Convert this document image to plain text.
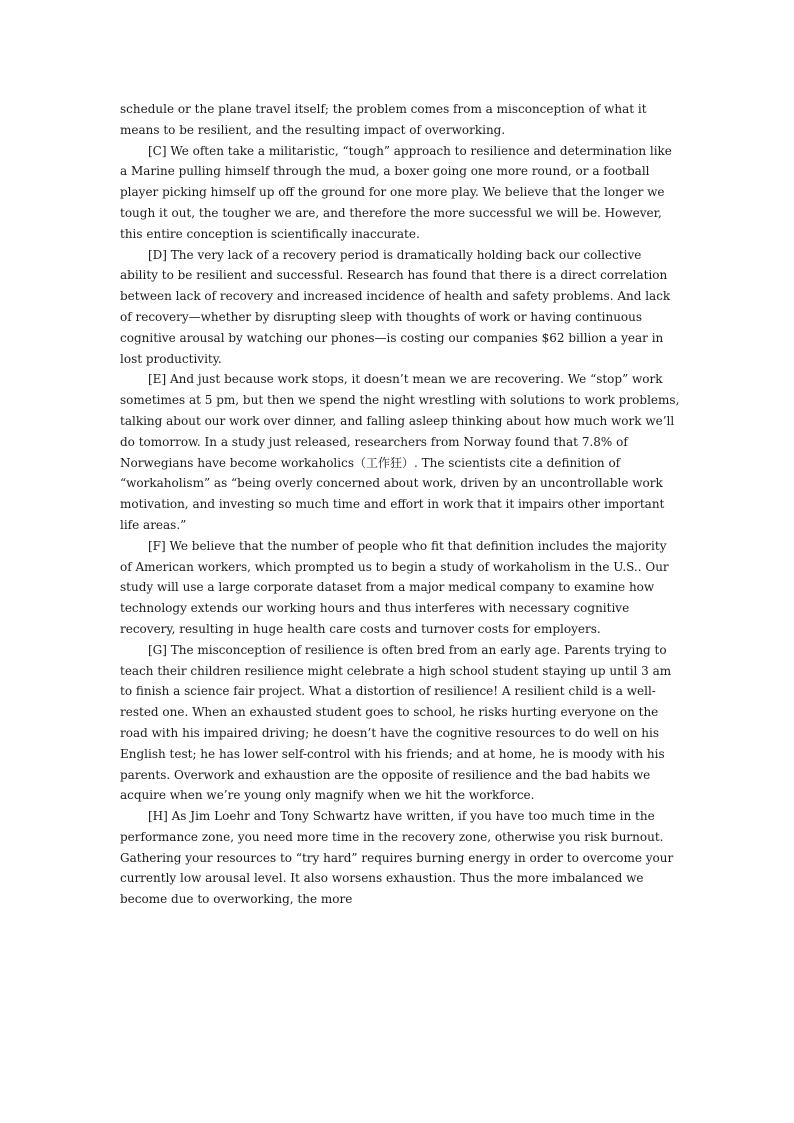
schedule or the plane travel itself; the problem comes from a misconception of what it means to be resilient, and the resulting impact of overworking.

[C] We often take a militaristic, “tough” approach to resilience and determination like a Marine pulling himself through the mud, a boxer going one more round, or a football player picking himself up off the ground for one more play. We believe that the longer we tough it out, the tougher we are, and therefore the more successful we will be. However, this entire conception is scientifically inaccurate.

[D] The very lack of a recovery period is dramatically holding back our collective ability to be resilient and successful. Research has found that there is a direct correlation between lack of recovery and increased incidence of health and safety problems. And lack of recovery—whether by disrupting sleep with thoughts of work or having continuous cognitive arousal by watching our phones—is costing our companies $62 billion a year in lost productivity.

[E] And just because work stops, it doesn’t mean we are recovering. We “stop” work sometimes at 5 pm, but then we spend the night wrestling with solutions to work problems, talking about our work over dinner, and falling asleep thinking about how much work we’ll do tomorrow. In a study just released, researchers from Norway found that 7.8% of Norwegians have become workaholics（工作狂）. The scientists cite a definition of “workaholism” as “being overly concerned about work, driven by an uncontrollable work motivation, and investing so much time and effort in work that it impairs other important life areas.”

[F] We believe that the number of people who fit that definition includes the majority of American workers, which prompted us to begin a study of workaholism in the U.S.. Our study will use a large corporate dataset from a major medical company to examine how technology extends our working hours and thus interferes with necessary cognitive recovery, resulting in huge health care costs and turnover costs for employers.

[G] The misconception of resilience is often bred from an early age. Parents trying to teach their children resilience might celebrate a high school student staying up until 3 am to finish a science fair project. What a distortion of resilience! A resilient child is a well-rested one. When an exhausted student goes to school, he risks hurting everyone on the road with his impaired driving; he doesn’t have the cognitive resources to do well on his English test; he has lower self-control with his friends; and at home, he is moody with his parents. Overwork and exhaustion are the opposite of resilience and the bad habits we acquire when we’re young only magnify when we hit the workforce.

[H] As Jim Loehr and Tony Schwartz have written, if you have too much time in the performance zone, you need more time in the recovery zone, otherwise you risk burnout. Gathering your resources to “try hard” requires burning energy in order to overcome your currently low arousal level. It also worsens exhaustion. Thus the more imbalanced we become due to overworking, the more
